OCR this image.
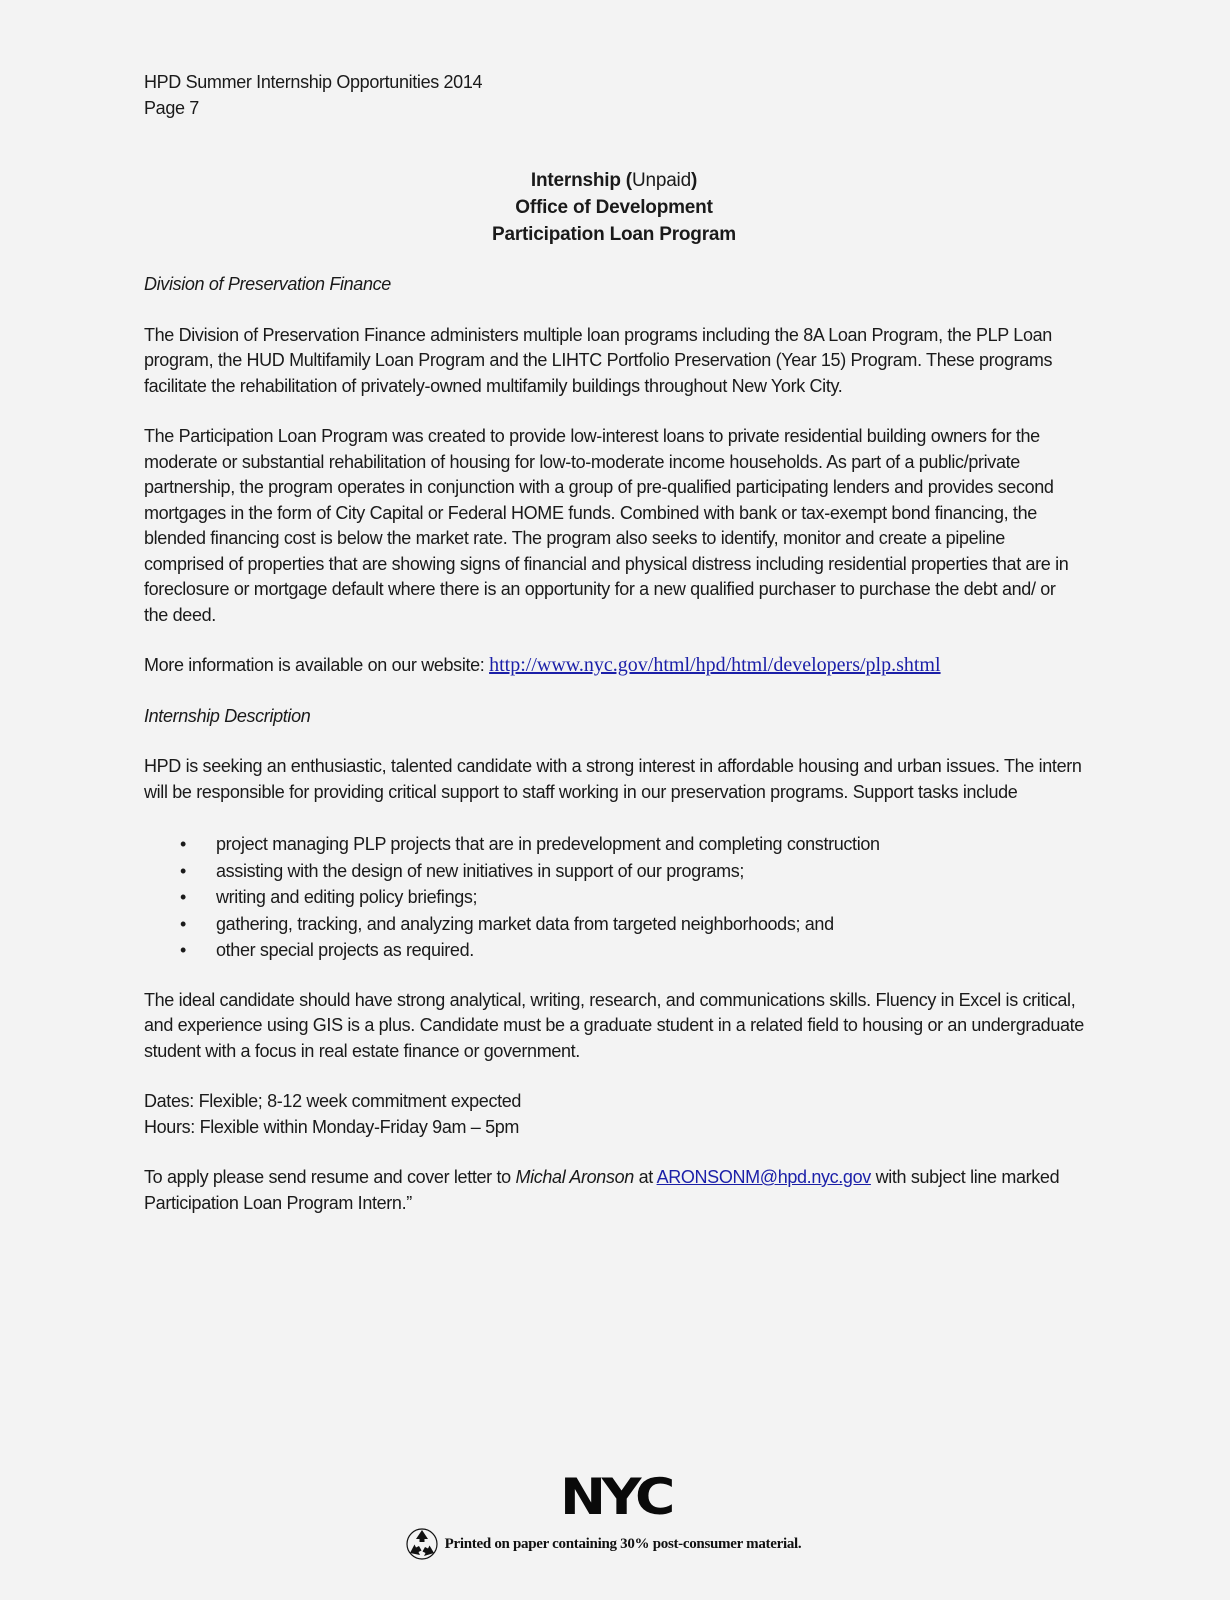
HPD Summer Internship Opportunities 2014
Page 7
Internship (Unpaid)
Office of Development
Participation Loan Program
Division of Preservation Finance

The Division of Preservation Finance administers multiple loan programs including the 8A Loan Program, the PLP Loan program, the HUD Multifamily Loan Program and the LIHTC Portfolio Preservation (Year 15) Program. These programs facilitate the rehabilitation of privately-owned multifamily buildings throughout New York City.

The Participation Loan Program was created to provide low-interest loans to private residential building owners for the moderate or substantial rehabilitation of housing for low-to-moderate income households. As part of a public/private partnership, the program operates in conjunction with a group of pre-qualified participating lenders and provides second mortgages in the form of City Capital or Federal HOME funds. Combined with bank or tax-exempt bond financing, the blended financing cost is below the market rate. The program also seeks to identify, monitor and create a pipeline comprised of properties that are showing signs of financial and physical distress including residential properties that are in foreclosure or mortgage default where there is an opportunity for a new qualified purchaser to purchase the debt and/ or the deed.

More information is available on our website: http://www.nyc.gov/html/hpd/html/developers/plp.shtml

Internship Description

HPD is seeking an enthusiastic, talented candidate with a strong interest in affordable housing and urban issues. The intern will be responsible for providing critical support to staff working in our preservation programs. Support tasks include

• project managing PLP projects that are in predevelopment and completing construction
• assisting with the design of new initiatives in support of our programs;
• writing and editing policy briefings;
• gathering, tracking, and analyzing market data from targeted neighborhoods; and
• other special projects as required.

The ideal candidate should have strong analytical, writing, research, and communications skills. Fluency in Excel is critical, and experience using GIS is a plus. Candidate must be a graduate student in a related field to housing or an undergraduate student with a focus in real estate finance or government.

Dates: Flexible; 8-12 week commitment expected
Hours: Flexible within Monday-Friday 9am – 5pm

To apply please send resume and cover letter to Michal Aronson at ARONSONM@hpd.nyc.gov with subject line marked Participation Loan Program Intern.”

NYC
Printed on paper containing 30% post-consumer material.
